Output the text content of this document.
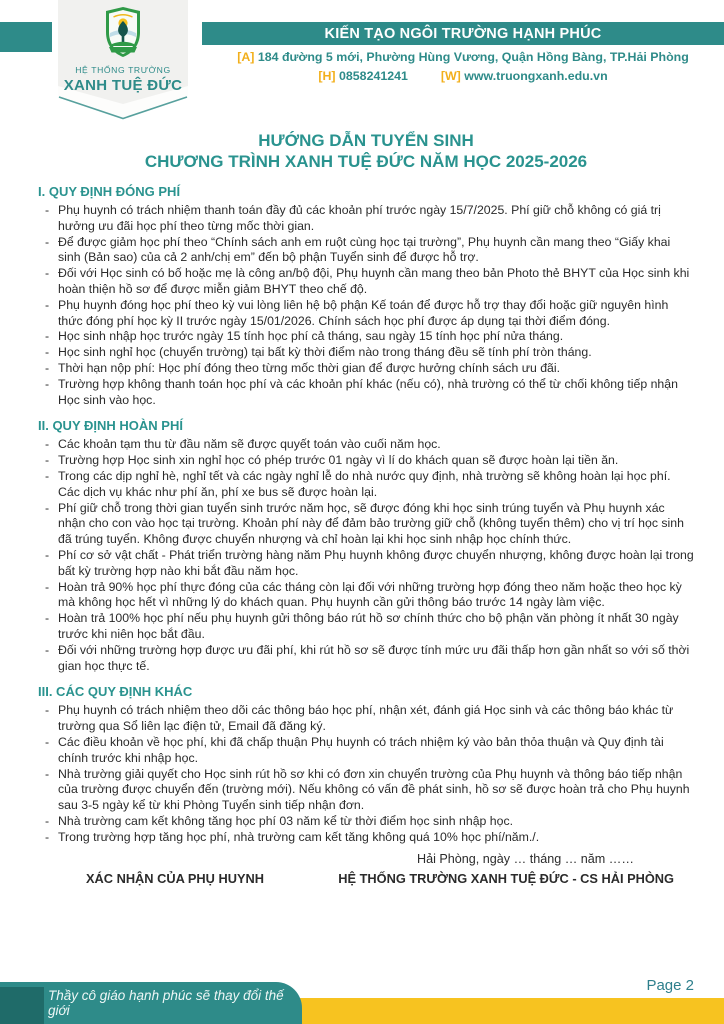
KIẾN TẠO NGÔI TRƯỜNG HẠNH PHÚC
[A] 184 đường 5 mới, Phường Hùng Vương, Quận Hồng Bàng, TP.Hải Phòng
[H] 0858241241	[W] www.truongxanh.edu.vn
HỆ THỐNG TRƯỜNG
XANH TUỆ ĐỨC
HƯỚNG DẪN TUYỂN SINH
CHƯƠNG TRÌNH XANH TUỆ ĐỨC NĂM HỌC 2025-2026
I. QUY ĐỊNH ĐÓNG PHÍ
- Phụ huynh có trách nhiệm thanh toán đầy đủ các khoản phí trước ngày 15/7/2025. Phí giữ chỗ không có giá trị hưởng ưu đãi học phí theo từng mốc thời gian.
- Để được giảm học phí theo “Chính sách anh em ruột cùng học tại trường”, Phụ huynh cần mang theo “Giấy khai sinh (Bản sao) của cả 2 anh/chị em” đến bộ phận Tuyển sinh để được hỗ trợ.
- Đối với Học sinh có bố hoặc mẹ là công an/bộ đội, Phụ huynh cần mang theo bản Photo thẻ BHYT của Học sinh khi hoàn thiện hồ sơ để được miễn giảm BHYT theo chế độ.
- Phụ huynh đóng học phí theo kỳ vui lòng liên hệ bộ phận Kế toán để được hỗ trợ thay đổi hoặc giữ nguyên hình thức đóng phí học kỳ II trước ngày 15/01/2026. Chính sách học phí được áp dụng tại thời điểm đóng.
- Học sinh nhập học trước ngày 15 tính học phí cả tháng, sau ngày 15 tính học phí nửa tháng.
- Học sinh nghỉ học (chuyển trường) tại bất kỳ thời điểm nào trong tháng đều sẽ tính phí tròn tháng.
- Thời hạn nộp phí: Học phí đóng theo từng mốc thời gian để được hưởng chính sách ưu đãi.
- Trường hợp không thanh toán học phí và các khoản phí khác (nếu có), nhà trường có thể từ chối không tiếp nhận Học sinh vào học.
II. QUY ĐỊNH HOÀN PHÍ
- Các khoản tạm thu từ đầu năm sẽ được quyết toán vào cuối năm học.
- Trường hợp Học sinh xin nghỉ học có phép trước 01 ngày vì lí do khách quan sẽ được hoàn lại tiền ăn.
- Trong các dịp nghỉ hè, nghỉ tết và các ngày nghỉ lễ do nhà nước quy định, nhà trường sẽ không hoàn lại học phí. Các dịch vụ khác như phí ăn, phí xe bus sẽ được hoàn lại.
- Phí giữ chỗ trong thời gian tuyển sinh trước năm học, sẽ được đóng khi học sinh trúng tuyển và Phụ huynh xác nhận cho con vào học tại trường. Khoản phí này để đảm bảo trường giữ chỗ (không tuyển thêm) cho vị trí học sinh đã trúng tuyển. Không được chuyển nhượng và chỉ hoàn lại khi học sinh nhập học chính thức.
- Phí cơ sở vật chất - Phát triển trường hàng năm Phụ huynh không được chuyển nhượng, không được hoàn lại trong bất kỳ trường hợp nào khi bắt đầu năm học.
- Hoàn trả 90% học phí thực đóng của các tháng còn lại đối với những trường hợp đóng theo năm hoặc theo học kỳ mà không học hết vì những lý do khách quan. Phụ huynh cần gửi thông báo trước 14 ngày làm việc.
- Hoàn trả 100% học phí nếu phụ huynh gửi thông báo rút hồ sơ chính thức cho bộ phận văn phòng ít nhất 30 ngày trước khi niên học bắt đầu.
- Đối với những trường hợp được ưu đãi phí, khi rút hồ sơ sẽ được tính mức ưu đãi thấp hơn gần nhất so với số thời gian học thực tế.
III. CÁC QUY ĐỊNH KHÁC
- Phụ huynh có trách nhiệm theo dõi các thông báo học phí, nhận xét, đánh giá Học sinh và các thông báo khác từ trường qua Sổ liên lạc điện tử, Email đã đăng ký.
- Các điều khoản về học phí, khi đã chấp thuận Phụ huynh có trách nhiệm ký vào bản thỏa thuận và Quy định tài chính trước khi nhập học.
- Nhà trường giải quyết cho Học sinh rút hồ sơ khi có đơn xin chuyển trường của Phụ huynh và thông báo tiếp nhận của trường được chuyển đến (trường mới). Nếu không có vấn đề phát sinh, hồ sơ sẽ được hoàn trả cho Phụ huynh sau 3-5 ngày kể từ khi Phòng Tuyển sinh tiếp nhận đơn.
- Nhà trường cam kết không tăng học phí 03 năm kể từ thời điểm học sinh nhập học.
- Trong trường hợp tăng học phí, nhà trường cam kết tăng không quá 10% học phí/năm./.
Hải Phòng, ngày … tháng … năm ……
XÁC NHẬN CỦA PHỤ HUYNH	HỆ THỐNG TRƯỜNG XANH TUỆ ĐỨC - CS HẢI PHÒNG
Page 2
Thầy cô giáo hạnh phúc sẽ thay đổi thế giới
